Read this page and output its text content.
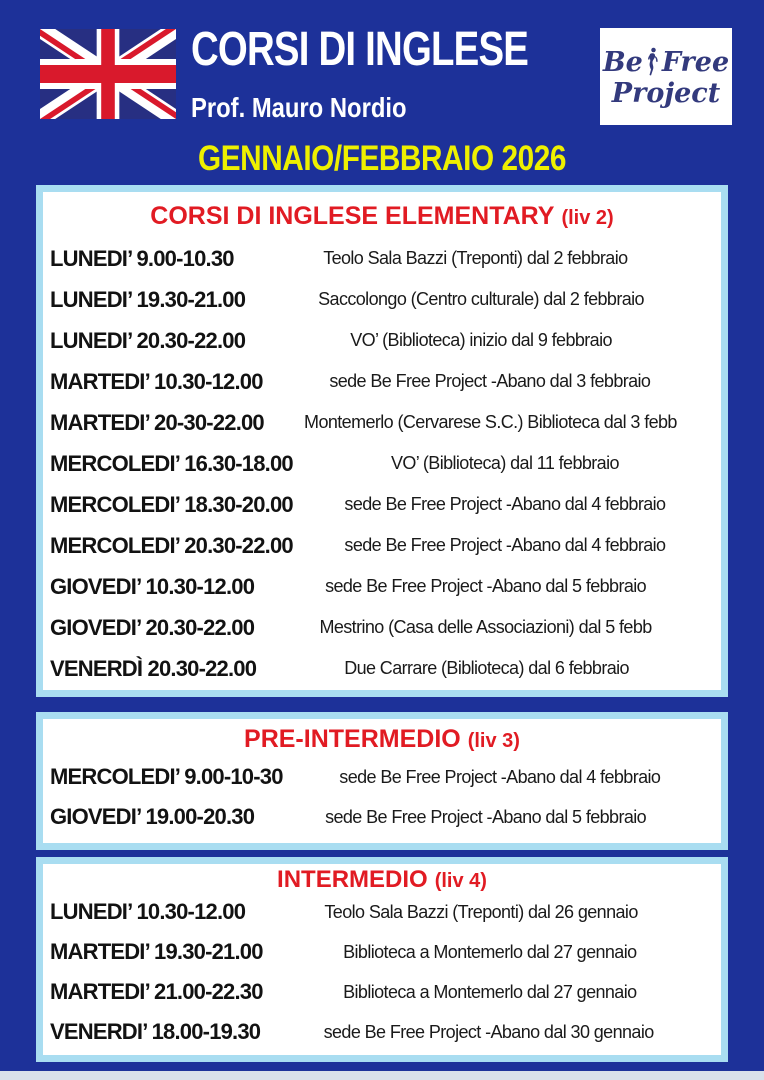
CORSI DI INGLESE
Prof. Mauro Nordio
Be Free
Project
GENNAIO/FEBBRAIO 2026
CORSI DI INGLESE ELEMENTARY (liv 2)
LUNEDI’ 9.00-10.30	Teolo Sala Bazzi (Treponti) dal 2 febbraio
LUNEDI’ 19.30-21.00	Saccolongo (Centro culturale) dal 2 febbraio
LUNEDI’ 20.30-22.00	VO’ (Biblioteca) inizio dal 9 febbraio
MARTEDI’ 10.30-12.00	sede Be Free Project -Abano dal 3 febbraio
MARTEDI’ 20-30-22.00	Montemerlo (Cervarese S.C.) Biblioteca dal 3 febb
MERCOLEDI’ 16.30-18.00	VO’ (Biblioteca) dal 11 febbraio
MERCOLEDI’ 18.30-20.00	sede Be Free Project -Abano dal 4 febbraio
MERCOLEDI’ 20.30-22.00	sede Be Free Project -Abano dal 4 febbraio
GIOVEDI’ 10.30-12.00	sede Be Free Project -Abano dal 5 febbraio
GIOVEDI’ 20.30-22.00	Mestrino (Casa delle Associazioni) dal 5 febb
VENERDÌ 20.30-22.00	Due Carrare (Biblioteca) dal 6 febbraio
PRE-INTERMEDIO (liv 3)
MERCOLEDI’ 9.00-10-30	sede Be Free Project -Abano dal 4 febbraio
GIOVEDI’ 19.00-20.30	sede Be Free Project -Abano dal 5 febbraio
INTERMEDIO (liv 4)
LUNEDI’ 10.30-12.00	Teolo Sala Bazzi (Treponti) dal 26 gennaio
MARTEDI’ 19.30-21.00	Biblioteca a Montemerlo dal 27 gennaio
MARTEDI’ 21.00-22.30	Biblioteca a Montemerlo dal 27 gennaio
VENERDI’ 18.00-19.30	sede Be Free Project -Abano dal 30 gennaio
